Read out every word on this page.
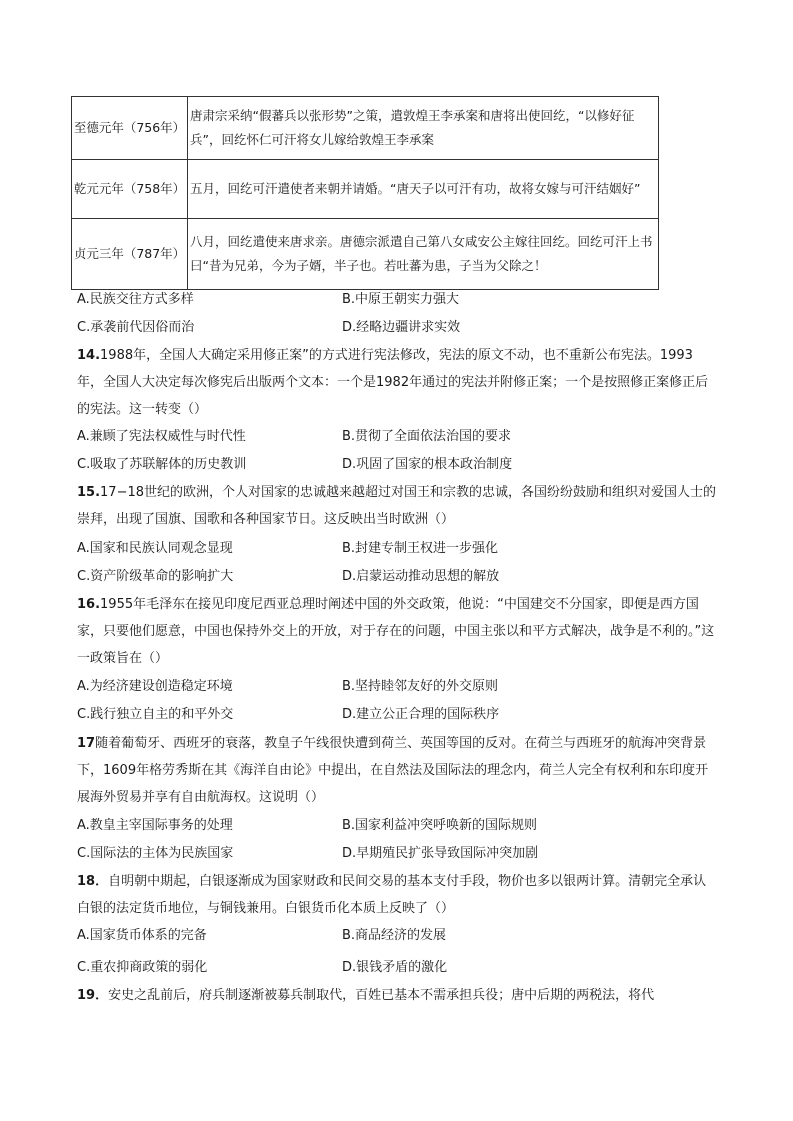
至德元年（756年）	唐肃宗采纳“假蕃兵以张形势”之策，遣敦煌王李承案和唐将出使回纥，“以修好征兵”，回纥怀仁可汗将女儿嫁给敦煌王李承案
乾元元年（758年）	五月，回纥可汗遣使者来朝并请婚。“唐天子以可汗有功，故将女嫁与可汗结姻好”
贞元三年（787年）	八月，回纥遣使来唐求亲。唐德宗派遣自己第八女咸安公主嫁往回纥。回纥可汗上书曰“昔为兄弟，今为子婿，半子也。若吐蕃为患，子当为父除之！
A.民族交往方式多样	B.中原王朝实力强大
C.承袭前代因俗而治	D.经略边疆讲求实效

14.1988年，全国人大确定采用修正案”的方式进行宪法修改，宪法的原文不动，也不重新公布宪法。1993年，全国人大决定每次修宪后出版两个文本：一个是1982年通过的宪法并附修正案；一个是按照修正案修正后的宪法。这一转变（）

A.兼顾了宪法权威性与时代性	B.贯彻了全面依法治国的要求
C.吸取了苏联解体的历史教训	D.巩固了国家的根本政治制度

15.17−18世纪的欧洲，个人对国家的忠诚越来越超过对国王和宗教的忠诚，各国纷纷鼓励和组织对爱国人士的崇拜，出现了国旗、国歌和各种国家节日。这反映出当时欧洲（）

A.国家和民族认同观念显现	B.封建专制王权进一步强化
C.资产阶级革命的影响扩大	D.启蒙运动推动思想的解放

16.1955年毛泽东在接见印度尼西亚总理时阐述中国的外交政策，他说：“中国建交不分国家，即便是西方国家，只要他们愿意，中国也保持外交上的开放，对于存在的问题，中国主张以和平方式解决，战争是不利的。”这一政策旨在（）

A.为经济建设创造稳定环境	B.坚持睦邻友好的外交原则
C.践行独立自主的和平外交	D.建立公正合理的国际秩序

17随着葡萄牙、西班牙的衰落，教皇子午线很快遭到荷兰、英国等国的反对。在荷兰与西班牙的航海冲突背景下，1609年格劳秀斯在其《海洋自由论》中提出，在自然法及国际法的理念内，荷兰人完全有权利和东印度开展海外贸易并享有自由航海权。这说明（）

A.教皇主宰国际事务的处理	B.国家利益冲突呼唤新的国际规则
C.国际法的主体为民族国家	D.早期殖民扩张导致国际冲突加剧

18．自明朝中期起，白银逐渐成为国家财政和民间交易的基本支付手段，物价也多以银两计算。清朝完全承认白银的法定货币地位，与铜钱兼用。白银货币化本质上反映了（）

A.国家货币体系的完备	B.商品经济的发展
C.重农抑商政策的弱化	D.银钱矛盾的激化

19．安史之乱前后，府兵制逐渐被募兵制取代，百姓已基本不需承担兵役；唐中后期的两税法，将代
